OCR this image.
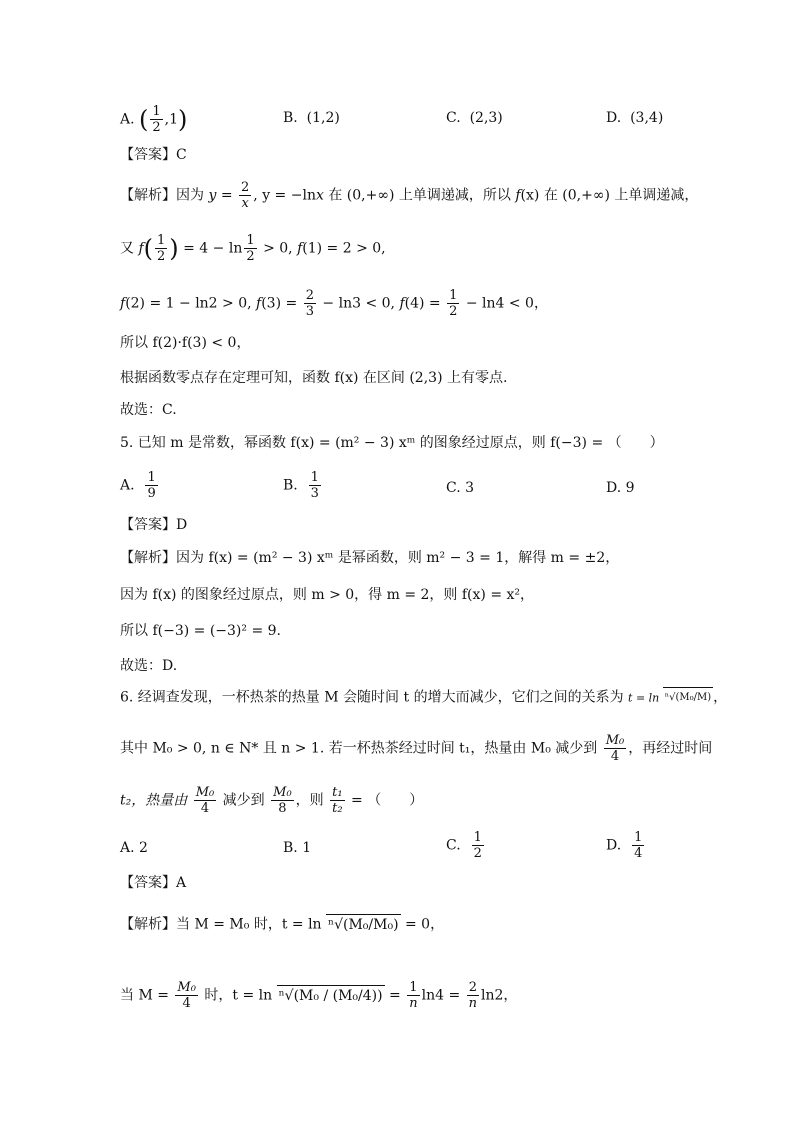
A. ( $\frac{1}{2} ,1$)	B. (1,2)	C. (2,3)	D. (3,4)
【答案】C
【解析】因为 $y = \frac{2}{x}$ , y = −lnx 在 (0,+∞) 上单调递减，所以 f(x) 在 (0,+∞) 上单调递减，
又 $f( \frac{1}{2}$ ) = $4 - \ln \frac{1}{2} > 0$, f(1) = 2 > 0,
f(2) = 1 − ln2 > 0, $f(3) = \frac{2}{3} - \ln 3 < 0$, $f(4) = \frac{1}{2} - \ln 4 < 0$，
所以 f(2)·f(3) < 0，
根据函数零点存在定理可知，函数 f(x) 在区间 (2,3) 上有零点.
故选：C.
5. 已知 m 是常数，幂函数 f(x) = (m² − 3) xᵐ 的图象经过原点，则 f(−3) = （　　）
A. $\frac{1}{9}$	B. $\frac{1}{3}$	C. 3	D. 9
【答案】D
【解析】因为 f(x) = (m² − 3) xᵐ 是幂函数，则 m² − 3 = 1，解得 m = ±2，
因为 f(x) 的图象经过原点，则 m > 0，得 m = 2，则 f(x) = x²，
所以 f(−3) = (−3)² = 9.
故选：D.
6. 经调查发现，一杯热茶的热量 M 会随时间 t 的增大而减少，它们之间的关系为 t = ln ⁿ√(M₀/M) ，
其中 M₀ > 0, n ∈ N* 且 n > 1. 若一杯热茶经过时间 t₁，热量由 M₀ 减少到 $\frac{\text{M₀}}{4}$ ，再经过时间
t₂，热量由 $\frac{\text{M₀}}{4}$ 减少到 $\frac{\text{M₀}}{8}$ ，则 $\frac{\text{t₁}}{\text{t₂}}$ = （　　）
A. 2	B. 1	C. $\frac{1}{2}$	D. $\frac{1}{4}$
【答案】A
【解析】当 M = M₀ 时，t = ln ⁿ√(M₀/M₀) = 0，
当 $M = \frac{\text{M₀}}{4}$ 时，$t = \ln ^n√(M_0 / (M_0/4)) = \frac{1}{n} \ln 4 = \frac{2}{n} \ln 2$，
